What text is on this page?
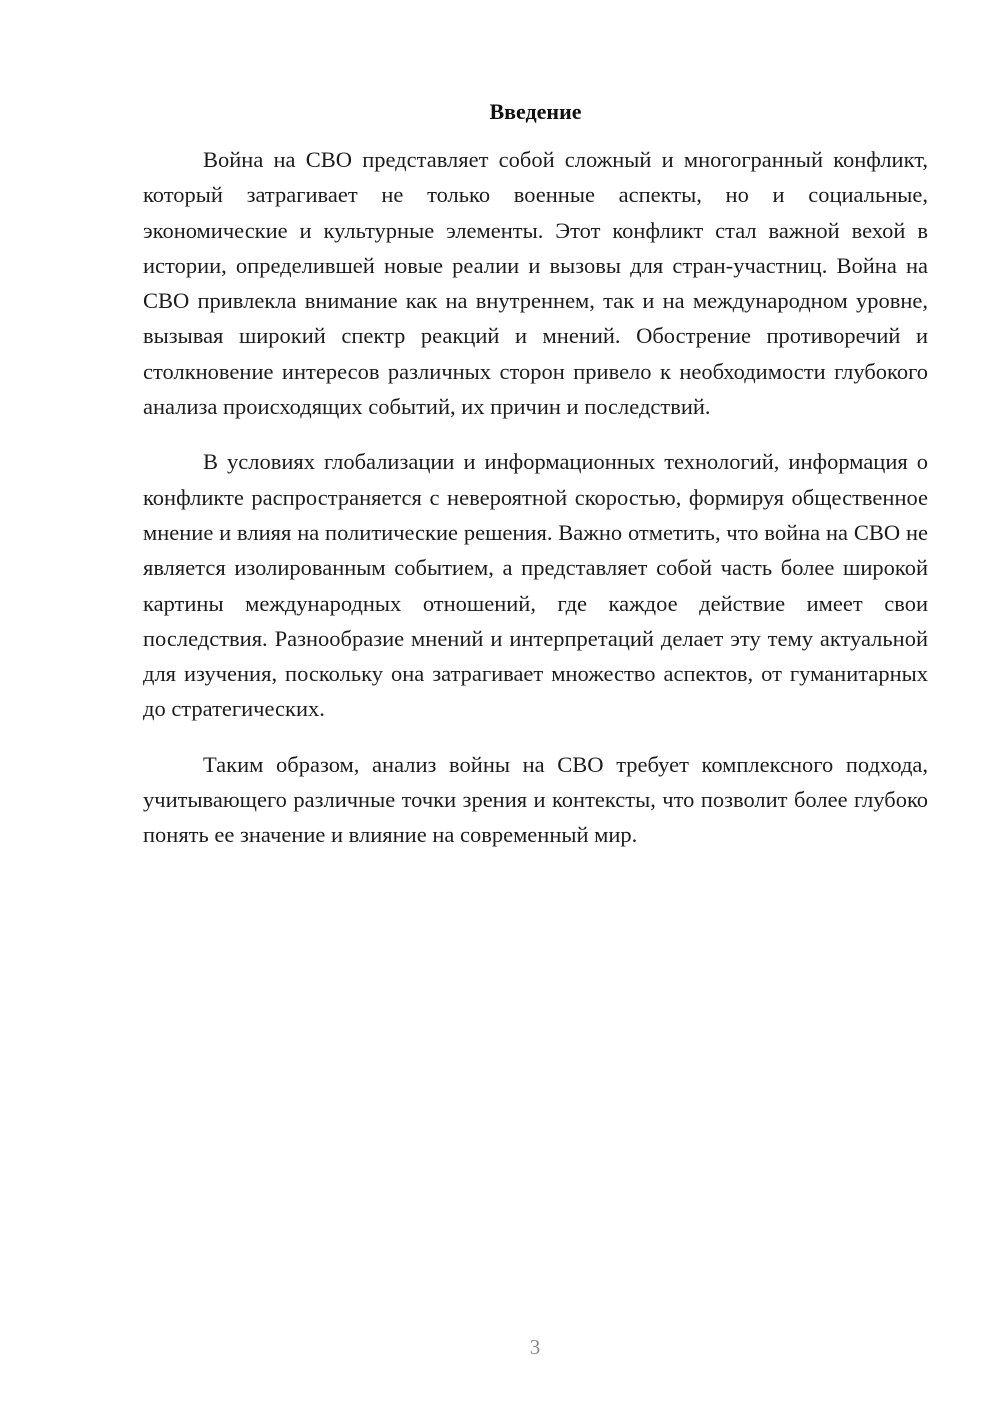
Введение

Война на СВО представляет собой сложный и многогранный конфликт, который затрагивает не только военные аспекты, но и социальные, экономические и культурные элементы. Этот конфликт стал важной вехой в истории, определившей новые реалии и вызовы для стран-участниц. Война на СВО привлекла внимание как на внутреннем, так и на международном уровне, вызывая широкий спектр реакций и мнений. Обострение противоречий и столкновение интересов различных сторон привело к необходимости глубокого анализа происходящих событий, их причин и последствий.

В условиях глобализации и информационных технологий, информация о конфликте распространяется с невероятной скоростью, формируя общественное мнение и влияя на политические решения. Важно отметить, что война на СВО не является изолированным событием, а представляет собой часть более широкой картины международных отношений, где каждое действие имеет свои последствия. Разнообразие мнений и интерпретаций делает эту тему актуальной для изучения, поскольку она затрагивает множество аспектов, от гуманитарных до стратегических.

Таким образом, анализ войны на СВО требует комплексного подхода, учитывающего различные точки зрения и контексты, что позволит более глубоко понять ее значение и влияние на современный мир.

3
